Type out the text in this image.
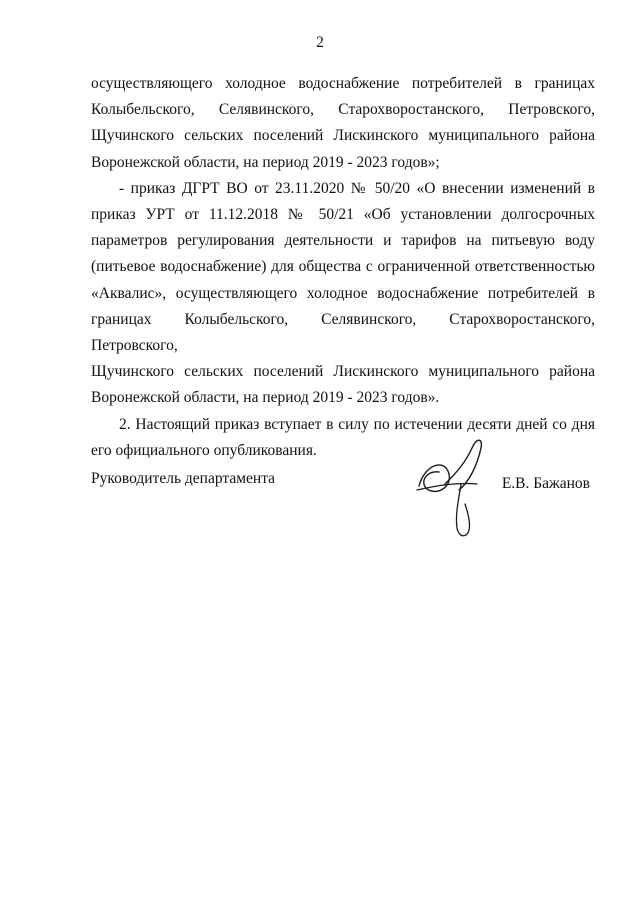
2
осуществляющего холодное водоснабжение потребителей в границах
Колыбельского, Селявинского, Старохворостанского, Петровского,
Щучинского сельских поселений Лискинского муниципального района
Воронежской области, на период 2019 - 2023 годов»;
- приказ ДГРТ ВО от 23.11.2020 № 50/20 «О внесении изменений в
приказ УРТ от 11.12.2018 № 50/21 «Об установлении долгосрочных
параметров регулирования деятельности и тарифов на питьевую воду
(питьевое водоснабжение) для общества с ограниченной ответственностью
«Аквалис», осуществляющего холодное водоснабжение потребителей в
границах Колыбельского, Селявинского, Старохворостанского, Петровского,
Щучинского сельских поселений Лискинского муниципального района
Воронежской области, на период 2019 - 2023 годов».
2. Настоящий приказ вступает в силу по истечении десяти дней со дня
его официального опубликования.
Руководитель департамента	Е.В. Бажанов
